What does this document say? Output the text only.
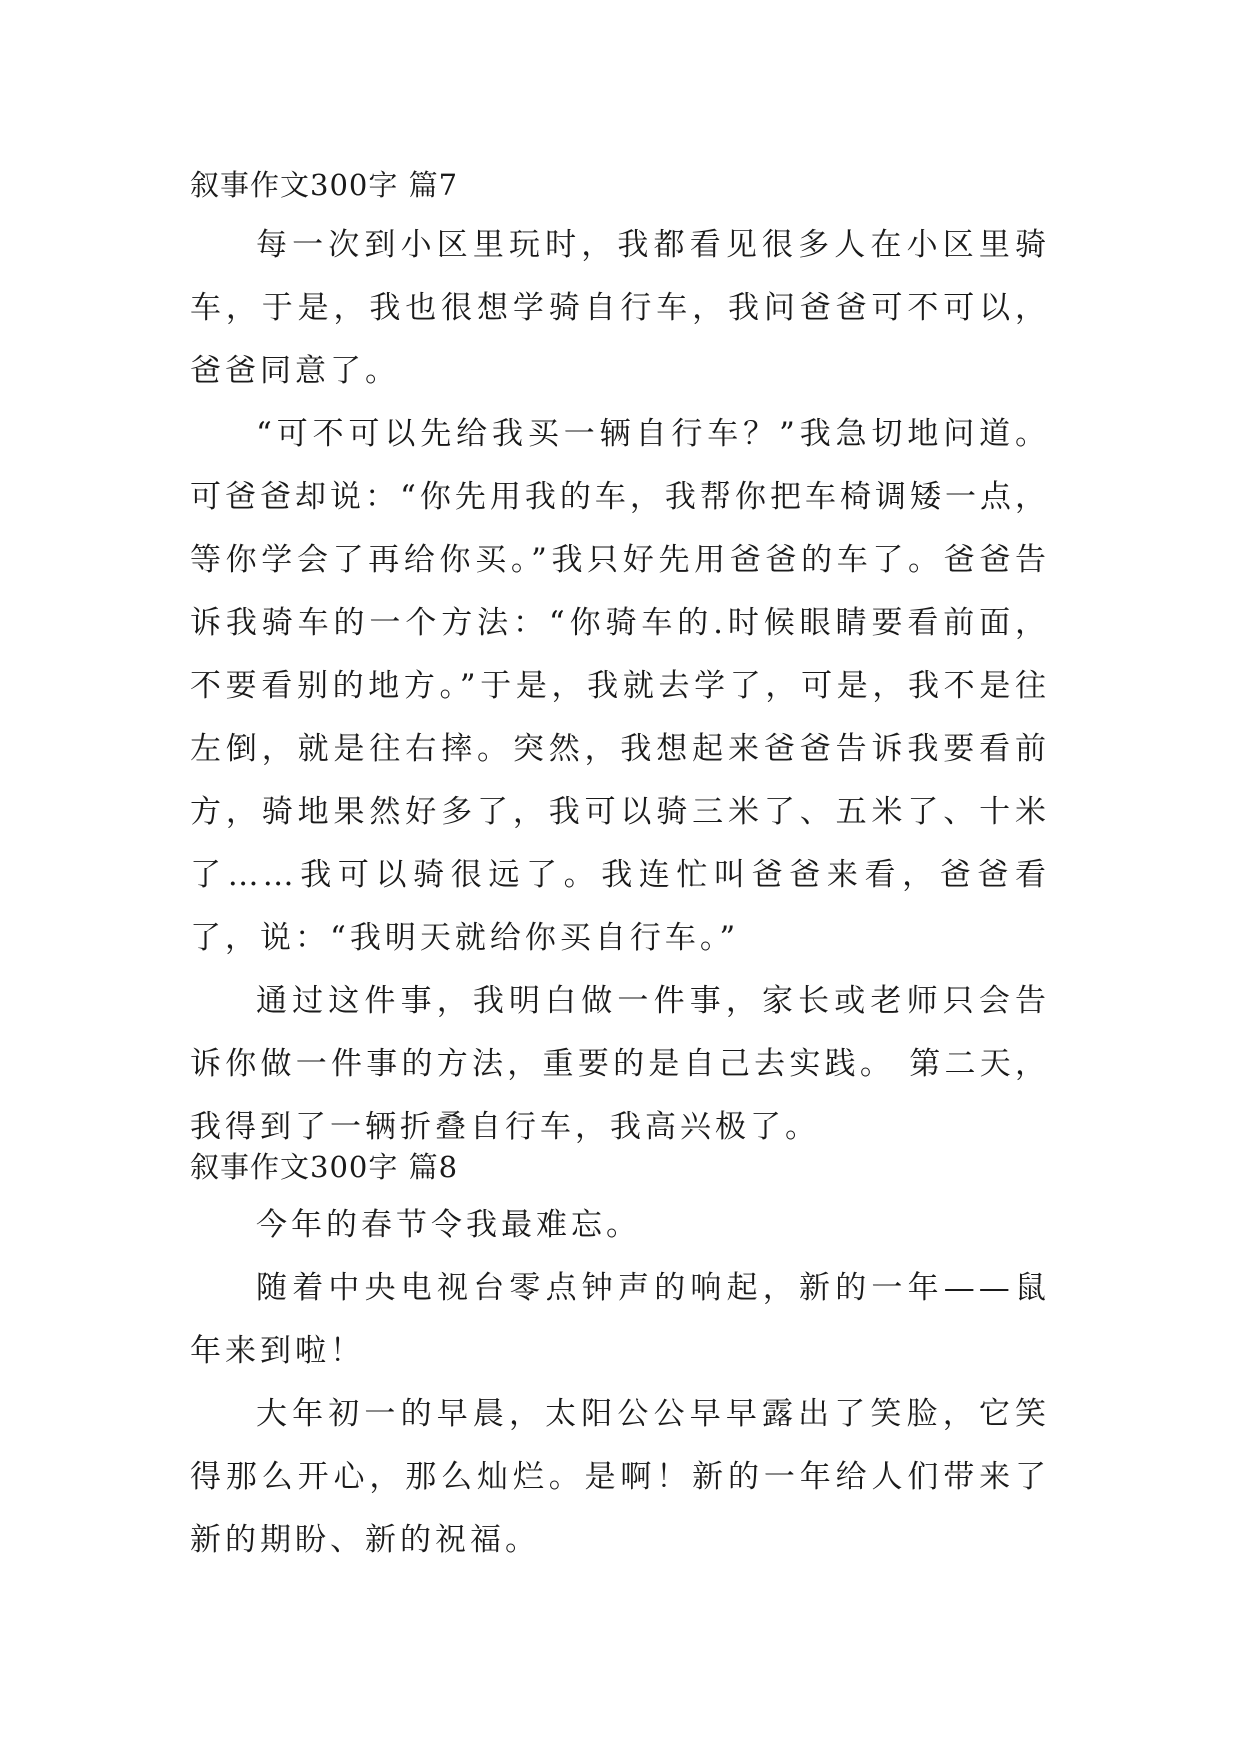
叙事作文300字 篇7

每一次到小区里玩时，我都看见很多人在小区里骑车，于是，我也很想学骑自行车，我问爸爸可不可以，爸爸同意了。

“可不可以先给我买一辆自行车？”我急切地问道。可爸爸却说：“你先用我的车，我帮你把车椅调矮一点，等你学会了再给你买。”我只好先用爸爸的车了。爸爸告诉我骑车的一个方法：“你骑车的.时候眼睛要看前面，不要看别的地方。”于是，我就去学了，可是，我不是往左倒，就是往右摔。突然，我想起来爸爸告诉我要看前方，骑地果然好多了，我可以骑三米了、五米了、十米了……我可以骑很远了。我连忙叫爸爸来看，爸爸看了，说：“我明天就给你买自行车。”

通过这件事，我明白做一件事，家长或老师只会告诉你做一件事的方法，重要的是自己去实践。 第二天，我得到了一辆折叠自行车，我高兴极了。

叙事作文300字 篇8

今年的春节令我最难忘。

随着中央电视台零点钟声的响起，新的一年——鼠年来到啦！

大年初一的早晨，太阳公公早早露出了笑脸，它笑得那么开心，那么灿烂。是啊！新的一年给人们带来了新的期盼、新的祝福。
